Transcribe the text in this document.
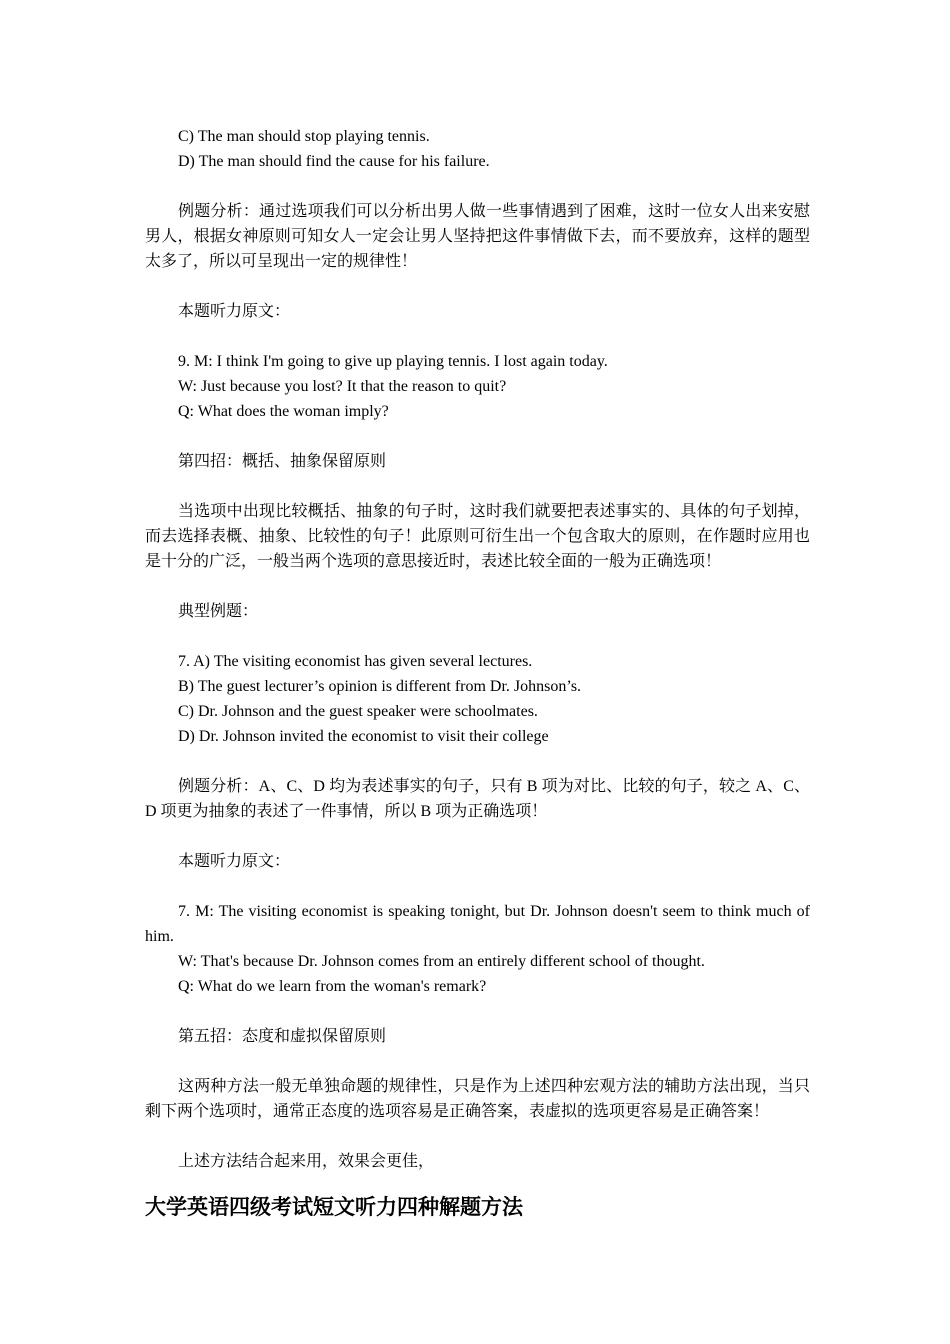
C) The man should stop playing tennis.

D) The man should find the cause for his failure.

例题分析：通过选项我们可以分析出男人做一些事情遇到了困难，这时一位女人出来安慰男人，根据女神原则可知女人一定会让男人坚持把这件事情做下去，而不要放弃，这样的题型太多了，所以可呈现出一定的规律性！

本题听力原文：

9. M: I think I'm going to give up playing tennis. I lost again today.

W: Just because you lost? It that the reason to quit?

Q: What does the woman imply?

第四招：概括、抽象保留原则

当选项中出现比较概括、抽象的句子时，这时我们就要把表述事实的、具体的句子划掉，而去选择表概、抽象、比较性的句子！此原则可衍生出一个包含取大的原则，在作题时应用也是十分的广泛，一般当两个选项的意思接近时，表述比较全面的一般为正确选项！

典型例题：

7. A) The visiting economist has given several lectures.

B) The guest lecturer’s opinion is different from Dr. Johnson’s.

C) Dr. Johnson and the guest speaker were schoolmates.

D) Dr. Johnson invited the economist to visit their college

例题分析：A、C、D 均为表述事实的句子，只有 B 项为对比、比较的句子，较之 A、C、D 项更为抽象的表述了一件事情，所以 B 项为正确选项！

本题听力原文：

7. M: The visiting economist is speaking tonight, but Dr. Johnson doesn't seem to think much of him.

W: That's because Dr. Johnson comes from an entirely different school of thought.

Q: What do we learn from the woman's remark?

第五招：态度和虚拟保留原则

这两种方法一般无单独命题的规律性，只是作为上述四种宏观方法的辅助方法出现，当只剩下两个选项时，通常正态度的选项容易是正确答案，表虚拟的选项更容易是正确答案！

上述方法结合起来用，效果会更佳，

大学英语四级考试短文听力四种解题方法
